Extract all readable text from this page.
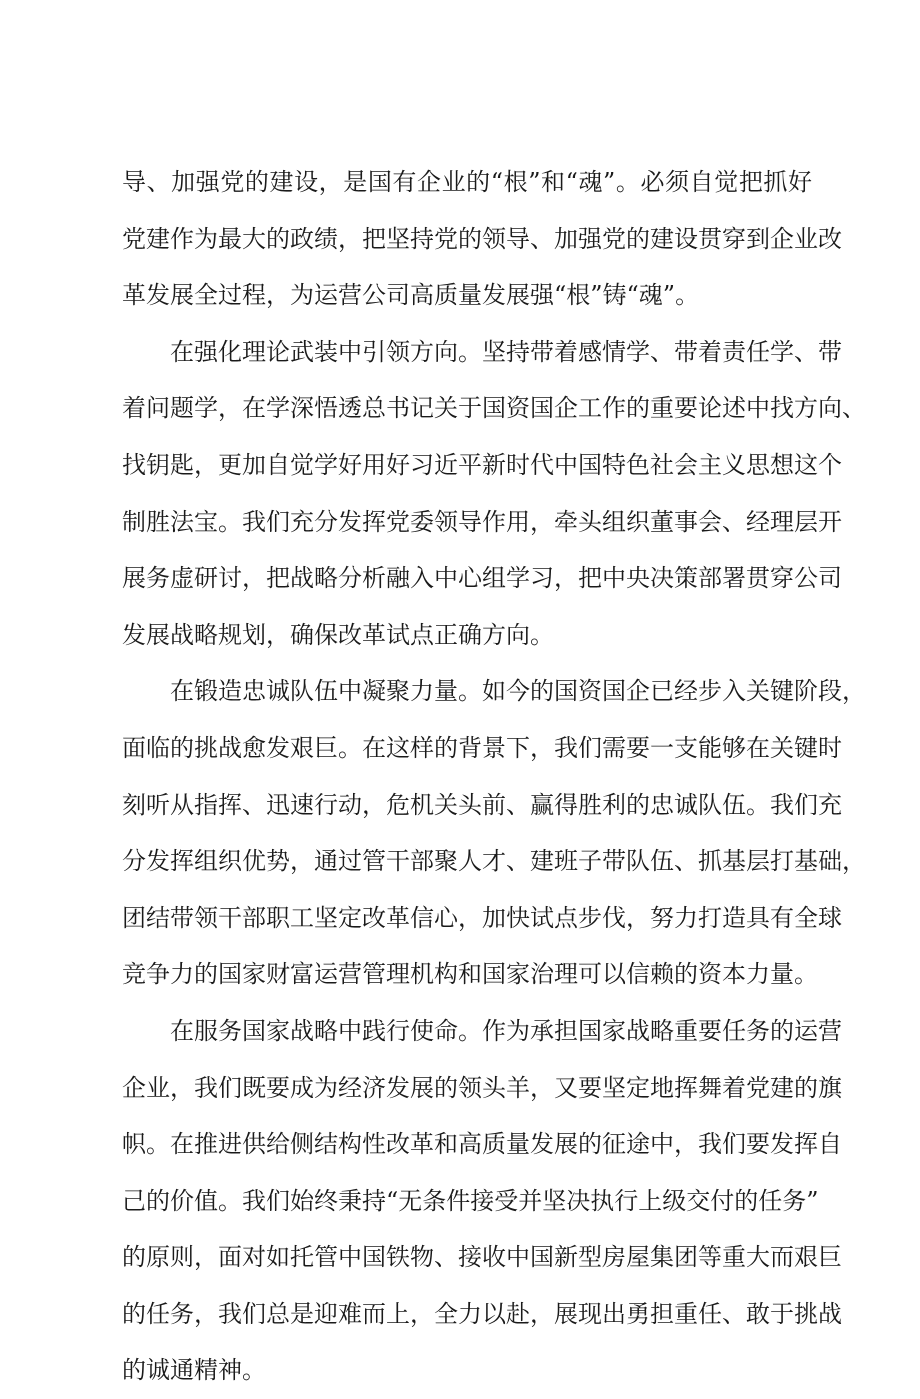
导、加强党的建设，是国有企业的“根”和“魂”。必须自觉把抓好
党建作为最大的政绩，把坚持党的领导、加强党的建设贯穿到企业改
革发展全过程，为运营公司高质量发展强“根”铸“魂”。
在强化理论武装中引领方向。坚持带着感情学、带着责任学、带
着问题学，在学深悟透总书记关于国资国企工作的重要论述中找方向、
找钥匙，更加自觉学好用好习近平新时代中国特色社会主义思想这个
制胜法宝。我们充分发挥党委领导作用，牵头组织董事会、经理层开
展务虚研讨，把战略分析融入中心组学习，把中央决策部署贯穿公司
发展战略规划，确保改革试点正确方向。
在锻造忠诚队伍中凝聚力量。如今的国资国企已经步入关键阶段，
面临的挑战愈发艰巨。在这样的背景下，我们需要一支能够在关键时
刻听从指挥、迅速行动，危机关头前、赢得胜利的忠诚队伍。我们充
分发挥组织优势，通过管干部聚人才、建班子带队伍、抓基层打基础，
团结带领干部职工坚定改革信心，加快试点步伐，努力打造具有全球
竞争力的国家财富运营管理机构和国家治理可以信赖的资本力量。
在服务国家战略中践行使命。作为承担国家战略重要任务的运营
企业，我们既要成为经济发展的领头羊，又要坚定地挥舞着党建的旗
帜。在推进供给侧结构性改革和高质量发展的征途中，我们要发挥自
己的价值。我们始终秉持“无条件接受并坚决执行上级交付的任务”
的原则，面对如托管中国铁物、接收中国新型房屋集团等重大而艰巨
的任务，我们总是迎难而上，全力以赴，展现出勇担重任、敢于挑战
的诚通精神。
